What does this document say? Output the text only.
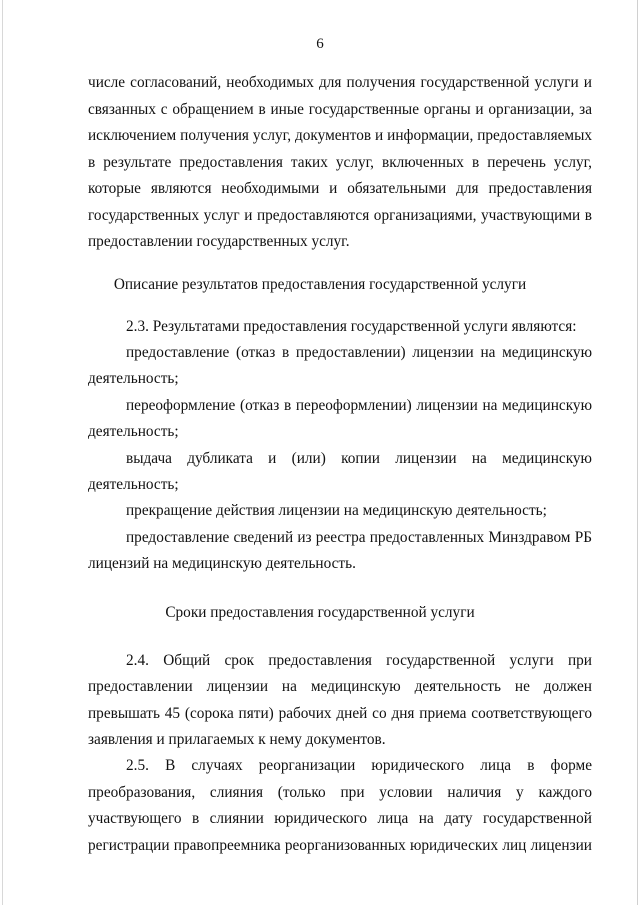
6
числе согласований, необходимых для получения государственной услуги и
связанных с обращением в иные государственные органы и организации, за
исключением получения услуг, документов и информации, предоставляемых
в результате предоставления таких услуг, включенных в перечень услуг,
которые являются необходимыми и обязательными для предоставления
государственных услуг и предоставляются организациями, участвующими в
предоставлении государственных услуг.
Описание результатов предоставления государственной услуги
2.3. Результатами предоставления государственной услуги являются:
предоставление (отказ в предоставлении) лицензии на медицинскую
деятельность;
переоформление (отказ в переоформлении) лицензии на медицинскую
деятельность;
выдача дубликата и (или) копии лицензии на медицинскую
деятельность;
прекращение действия лицензии на медицинскую деятельность;
предоставление сведений из реестра предоставленных Минздравом РБ
лицензий на медицинскую деятельность.
Сроки предоставления государственной услуги
2.4. Общий срок предоставления государственной услуги при
предоставлении лицензии на медицинскую деятельность не должен
превышать 45 (сорока пяти) рабочих дней со дня приема соответствующего
заявления и прилагаемых к нему документов.
2.5. В случаях реорганизации юридического лица в форме
преобразования, слияния (только при условии наличия у каждого
участвующего в слиянии юридического лица на дату государственной
регистрации правопреемника реорганизованных юридических лиц лицензии
